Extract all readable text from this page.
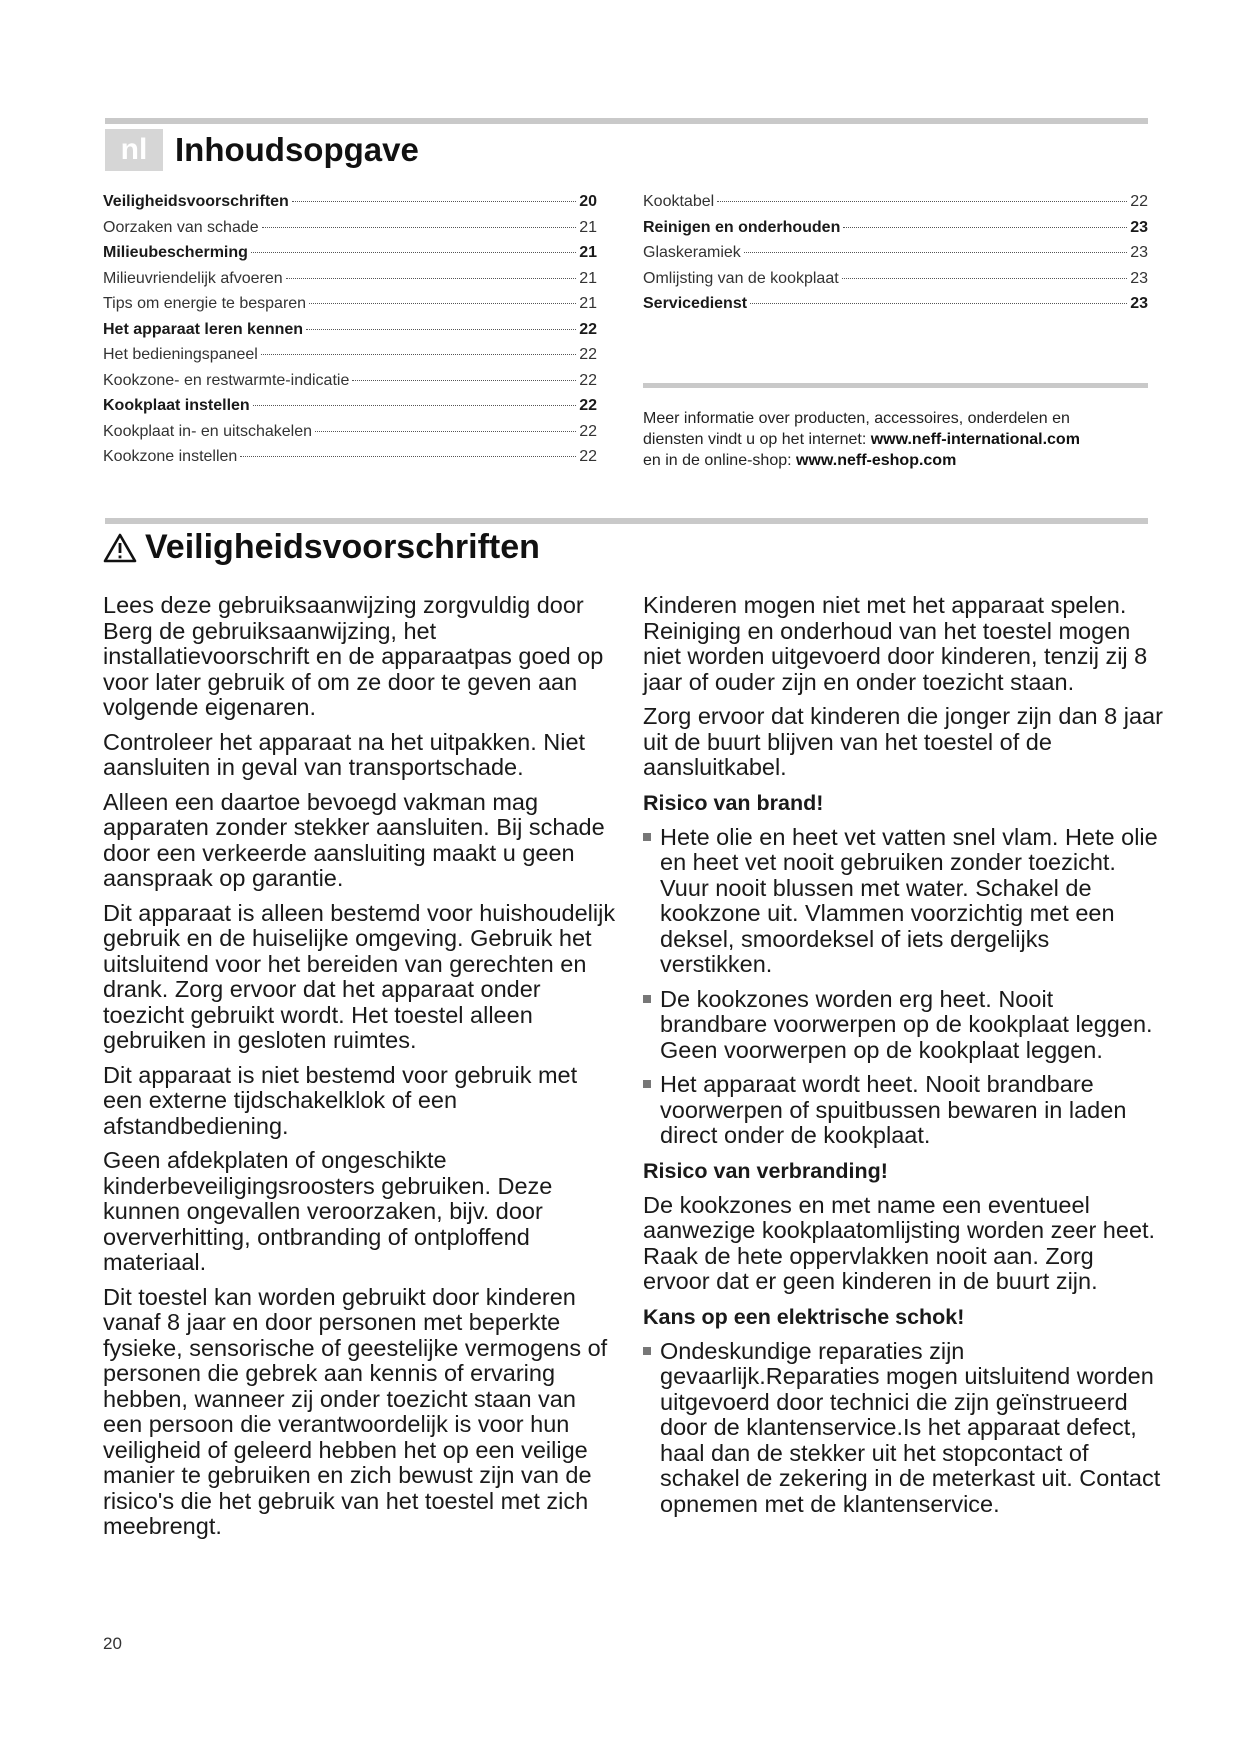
nl Inhoudsopgave
Veiligheidsvoorschriften	20
Oorzaken van schade	21
Milieubescherming	21
Milieuvriendelijk afvoeren	21
Tips om energie te besparen	21
Het apparaat leren kennen	22
Het bedieningspaneel	22
Kookzone- en restwarmte-indicatie	22
Kookplaat instellen	22
Kookplaat in- en uitschakelen	22
Kookzone instellen	22
Kooktabel	22
Reinigen en onderhouden	23
Glaskeramiek	23
Omlijsting van de kookplaat	23
Servicedienst	23
Meer informatie over producten, accessoires, onderdelen en
diensten vindt u op het internet: www.neff-international.com
en in de online-shop: www.neff-eshop.com
Veiligheidsvoorschriften

Lees deze gebruiksaanwijzing zorgvuldig door Berg de gebruiksaanwijzing, het installatievoorschrift en de apparaatpas goed op voor later gebruik of om ze door te geven aan volgende eigenaren.

Controleer het apparaat na het uitpakken. Niet aansluiten in geval van transportschade.

Alleen een daartoe bevoegd vakman mag apparaten zonder stekker aansluiten. Bij schade door een verkeerde aansluiting maakt u geen aanspraak op garantie.

Dit apparaat is alleen bestemd voor huishoudelijk gebruik en de huiselijke omgeving. Gebruik het uitsluitend voor het bereiden van gerechten en drank. Zorg ervoor dat het apparaat onder toezicht gebruikt wordt. Het toestel alleen gebruiken in gesloten ruimtes.

Dit apparaat is niet bestemd voor gebruik met een externe tijdschakelklok of een afstandbediening.

Geen afdekplaten of ongeschikte kinderbeveiligingsroosters gebruiken. Deze kunnen ongevallen veroorzaken, bijv. door oververhitting, ontbranding of ontploffend materiaal.

Dit toestel kan worden gebruikt door kinderen vanaf 8 jaar en door personen met beperkte fysieke, sensorische of geestelijke vermogens of personen die gebrek aan kennis of ervaring hebben, wanneer zij onder toezicht staan van een persoon die verantwoordelijk is voor hun veiligheid of geleerd hebben het op een veilige manier te gebruiken en zich bewust zijn van de risico's die het gebruik van het toestel met zich meebrengt.

Kinderen mogen niet met het apparaat spelen. Reiniging en onderhoud van het toestel mogen niet worden uitgevoerd door kinderen, tenzij zij 8 jaar of ouder zijn en onder toezicht staan.

Zorg ervoor dat kinderen die jonger zijn dan 8 jaar uit de buurt blijven van het toestel of de aansluitkabel.

Risico van brand!
Hete olie en heet vet vatten snel vlam. Hete olie en heet vet nooit gebruiken zonder toezicht. Vuur nooit blussen met water. Schakel de kookzone uit. Vlammen voorzichtig met een deksel, smoordeksel of iets dergelijks verstikken.
De kookzones worden erg heet. Nooit brandbare voorwerpen op de kookplaat leggen. Geen voorwerpen op de kookplaat leggen.
Het apparaat wordt heet. Nooit brandbare voorwerpen of spuitbussen bewaren in laden direct onder de kookplaat.
Risico van verbranding!

De kookzones en met name een eventueel aanwezige kookplaatomlijsting worden zeer heet. Raak de hete oppervlakken nooit aan. Zorg ervoor dat er geen kinderen in de buurt zijn.

Kans op een elektrische schok!
Ondeskundige reparaties zijn gevaarlijk.Reparaties mogen uitsluitend worden uitgevoerd door technici die zijn geïnstrueerd door de klantenservice.Is het apparaat defect, haal dan de stekker uit het stopcontact of schakel de zekering in de meterkast uit. Contact opnemen met de klantenservice.
20
